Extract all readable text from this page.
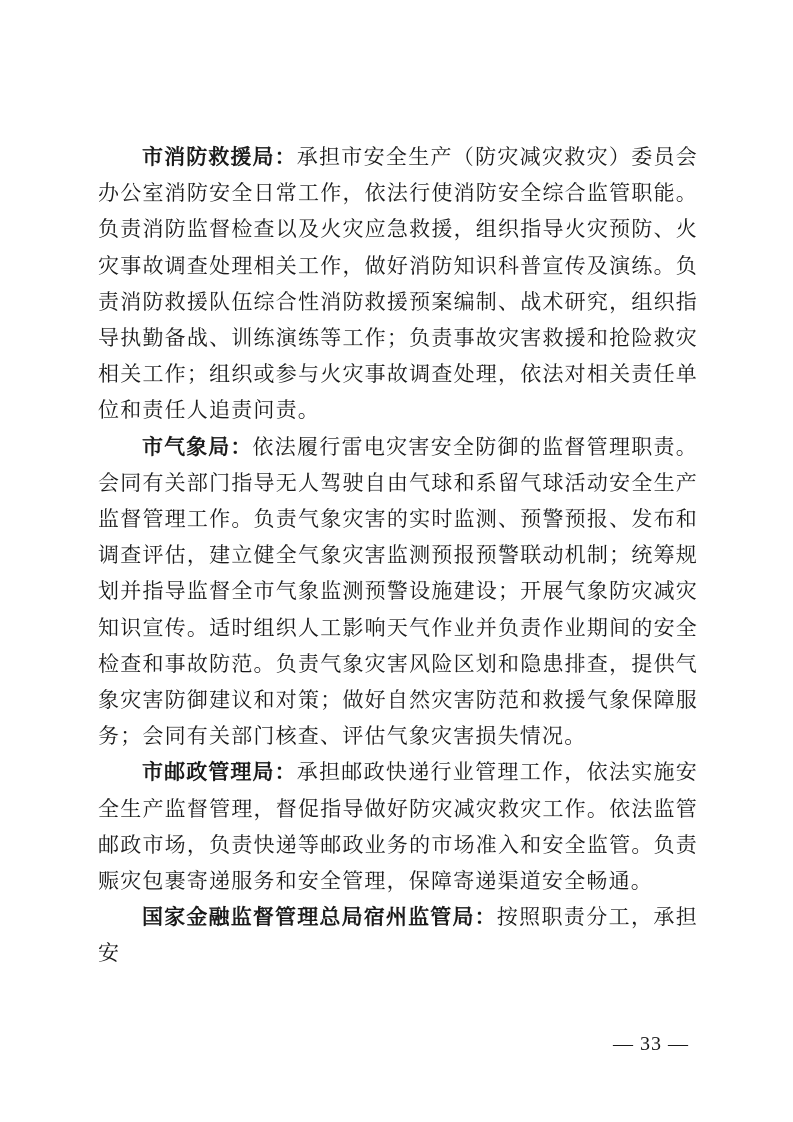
市消防救援局：承担市安全生产（防灾减灾救灾）委员会办公室消防安全日常工作，依法行使消防安全综合监管职能。负责消防监督检查以及火灾应急救援，组织指导火灾预防、火灾事故调查处理相关工作，做好消防知识科普宣传及演练。负责消防救援队伍综合性消防救援预案编制、战术研究，组织指导执勤备战、训练演练等工作；负责事故灾害救援和抢险救灾相关工作；组织或参与火灾事故调查处理，依法对相关责任单位和责任人追责问责。

市气象局：依法履行雷电灾害安全防御的监督管理职责。会同有关部门指导无人驾驶自由气球和系留气球活动安全生产监督管理工作。负责气象灾害的实时监测、预警预报、发布和调查评估，建立健全气象灾害监测预报预警联动机制；统筹规划并指导监督全市气象监测预警设施建设；开展气象防灾减灾知识宣传。适时组织人工影响天气作业并负责作业期间的安全检查和事故防范。负责气象灾害风险区划和隐患排查，提供气象灾害防御建议和对策；做好自然灾害防范和救援气象保障服务；会同有关部门核查、评估气象灾害损失情况。

市邮政管理局：承担邮政快递行业管理工作，依法实施安全生产监督管理，督促指导做好防灾减灾救灾工作。依法监管邮政市场，负责快递等邮政业务的市场准入和安全监管。负责赈灾包裹寄递服务和安全管理，保障寄递渠道安全畅通。

国家金融监督管理总局宿州监管局：按照职责分工，承担安

— 33 —
